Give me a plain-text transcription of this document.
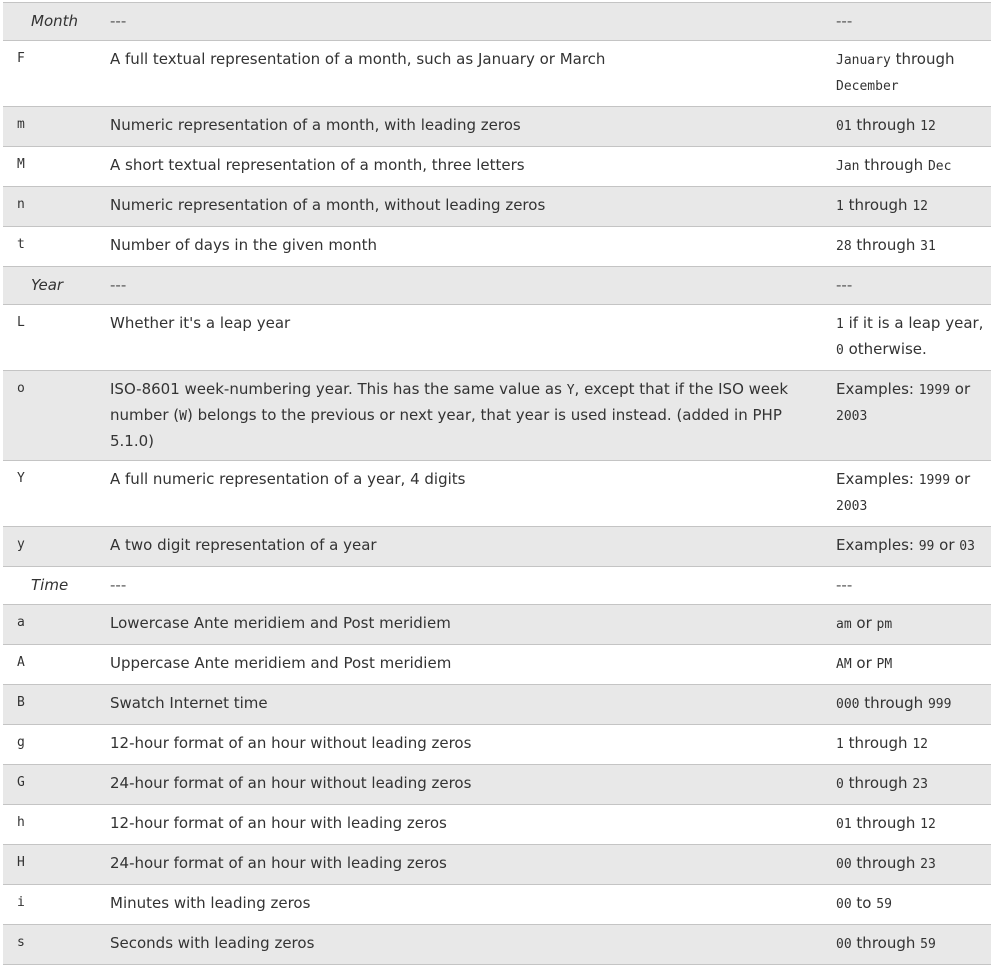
Month	---	---
F	A full textual representation of a month, such as January or March	January through December
m	Numeric representation of a month, with leading zeros	01 through 12
M	A short textual representation of a month, three letters	Jan through Dec
n	Numeric representation of a month, without leading zeros	1 through 12
t	Number of days in the given month	28 through 31
Year	---	---
L	Whether it's a leap year	1 if it is a leap year, 0 otherwise.
o	ISO-8601 week-numbering year. This has the same value as Y, except that if the ISO week number (W) belongs to the previous or next year, that year is used instead. (added in PHP 5.1.0)	Examples: 1999 or 2003
Y	A full numeric representation of a year, 4 digits	Examples: 1999 or 2003
y	A two digit representation of a year	Examples: 99 or 03
Time	---	---
a	Lowercase Ante meridiem and Post meridiem	am or pm
A	Uppercase Ante meridiem and Post meridiem	AM or PM
B	Swatch Internet time	000 through 999
g	12-hour format of an hour without leading zeros	1 through 12
G	24-hour format of an hour without leading zeros	0 through 23
h	12-hour format of an hour with leading zeros	01 through 12
H	24-hour format of an hour with leading zeros	00 through 23
i	Minutes with leading zeros	00 to 59
s	Seconds with leading zeros	00 through 59
